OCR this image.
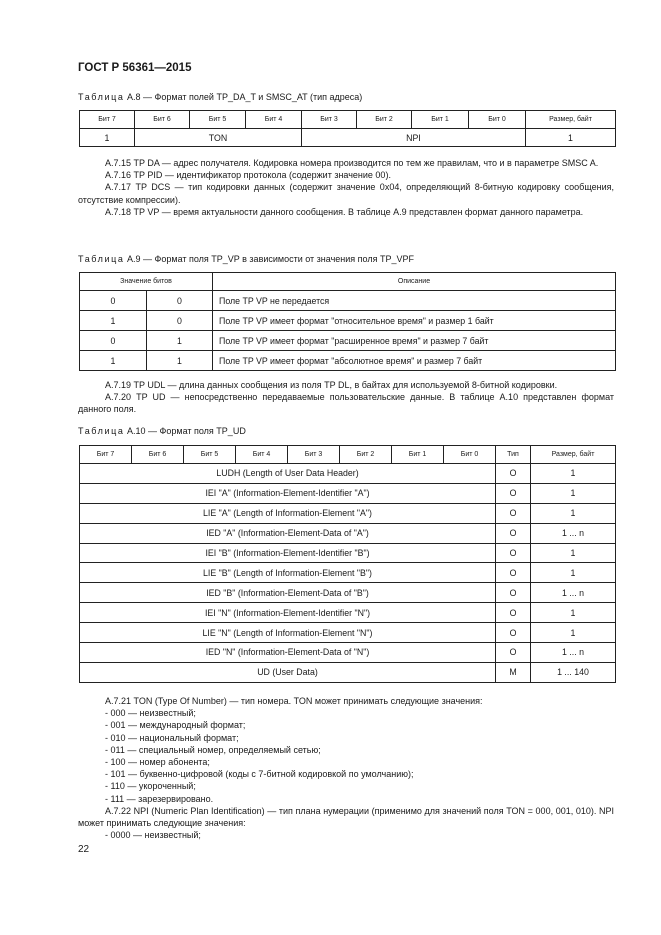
ГОСТ Р 56361—2015
Таблица А.8 — Формат полей TP_DA_T и SMSC_AT (тип адреса)
Бит 7	Бит 6	Бит 5	Бит 4	Бит 3	Бит 2	Бит 1	Бит 0	Размер, байт
1	TON			NPI				1

А.7.15 TP DA — адрес получателя. Кодировка номера производится по тем же правилам, что и в параметре SMSC A.

А.7.16 TP PID — идентификатор протокола (содержит значение 00).

А.7.17 TP DCS — тип кодировки данных (содержит значение 0x04, определяющий 8-битную кодировку сообщения, отсутствие компрессии).

А.7.18 TP VP — время актуальности данного сообщения. В таблице А.9 представлен формат данного параметра.

Таблица А.9 — Формат поля TP_VP в зависимости от значения поля TP_VPF
Значение битов		Описание
0	0	Поле TP VP не передается
1	0	Поле TP VP имеет формат "относительное время" и размер 1 байт
0	1	Поле TP VP имеет формат "расширенное время" и размер 7 байт
1	1	Поле TP VP имеет формат "абсолютное время" и размер 7 байт

А.7.19 TP UDL — длина данных сообщения из поля TP DL, в байтах для используемой 8-битной кодировки.

А.7.20 TP UD — непосредственно передаваемые пользовательские данные. В таблице А.10 представлен формат данного поля.

Таблица А.10 — Формат поля TP_UD
Бит 7	Бит 6	Бит 5	Бит 4	Бит 3	Бит 2	Бит 1	Бит 0	Тип	Размер, байт
LUDH (Length of User Data Header)								O	1
IEI "A" (Information-Element-Identifier "A")								O	1
LIE "A" (Length of Information-Element "A")								O	1
IED "A" (Information-Element-Data of "A")								O	1 ... n
IEI "B" (Information-Element-Identifier "B")								O	1
LIE "B" (Length of Information-Element "B")								O	1
IED "B" (Information-Element-Data of "B")								O	1 ... n
IEI "N" (Information-Element-Identifier "N")								O	1
LIE "N" (Length of Information-Element "N")								O	1
IED "N" (Information-Element-Data of "N")								O	1 ... n
UD (User Data)								M	1 ... 140

А.7.21 TON (Type Of Number) — тип номера. TON может принимать следующие значения:

- 000 — неизвестный;

- 001 — международный формат;

- 010 — национальный формат;

- 011 — специальный номер, определяемый сетью;

- 100 — номер абонента;

- 101 — буквенно-цифровой (коды с 7-битной кодировкой по умолчанию);

- 110 — укороченный;

- 111 — зарезервировано.

А.7.22 NPI (Numeric Plan Identification) — тип плана нумерации (применимо для значений поля TON = 000, 001, 010). NPI может принимать следующие значения:

- 0000 — неизвестный;

22
